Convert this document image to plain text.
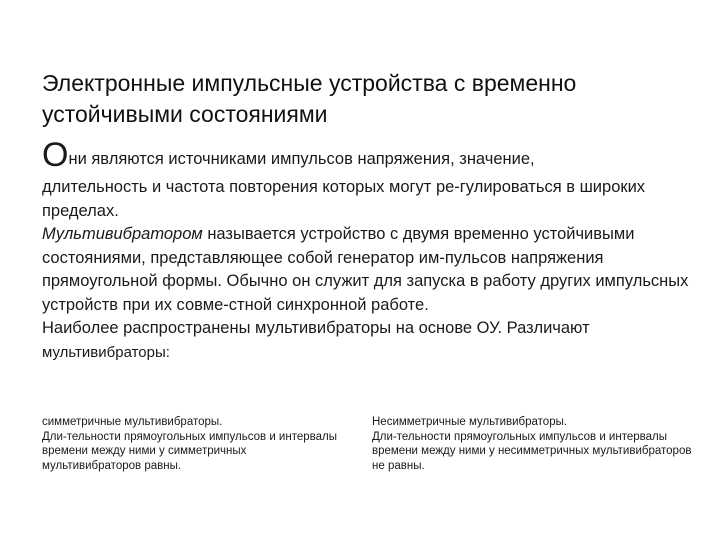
Электронные импульсные устройства с временно устойчивыми состояниями
Они являются источниками импульсов напряжения, значение,
длительность и частота повторения которых могут ре-гулироваться в широких пределах.
Мультивибратором называется устройство с двумя временно устойчивыми состояниями, представляющее собой генератор им-пульсов напряжения прямоугольной формы. Обычно он служит для запуска в работу других импульсных устройств при их совме-стной синхронной работе.
Наиболее распространены мультивибраторы на основе ОУ. Различают
мультивибраторы:
симметричные мультивибраторы.
Дли-тельности прямоугольных импульсов и интервалы времени между ними у симметричных мультивибраторов равны.
Несимметричные мультивибраторы.
Дли-тельности прямоугольных импульсов и интервалы времени между ними у несимметричных мультивибраторов не равны.
